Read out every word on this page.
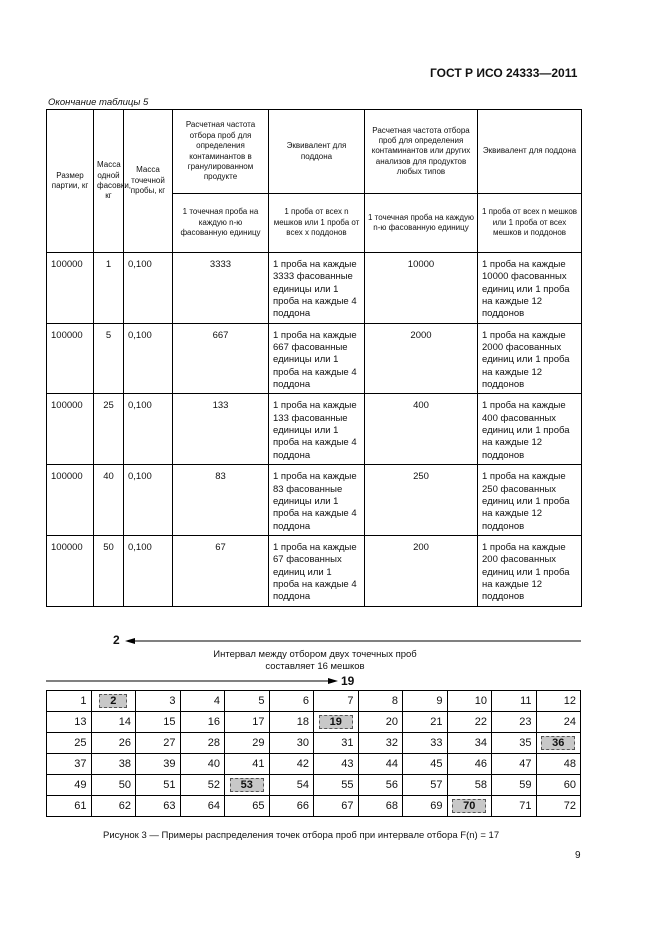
ГОСТ Р ИСО 24333—2011
Окончание таблицы 5
Размер партии, кг	Масса одной фасовки, кг	Масса точечной пробы, кг	Расчетная частота отбора проб для определения контаминантов в гранулированном продукте	Эквивалент для поддона	Расчетная частота отбора проб для определения контаминантов или других анализов для продуктов любых типов	Эквивалент для поддона
			1 точечная проба на каждую n-ю фасованную единицу	1 проба от всех n мешков или 1 проба от всех x поддонов	1 точечная проба на каждую n-ю фасованную единицу	1 проба от всех n мешков или 1 проба от всех мешков и поддонов
100000	1	0,100	3333	1 проба на каждые 3333 фасованные единицы или 1 проба на каждые 4 поддона	10000	1 проба на каждые 10000 фасованных единиц или 1 проба на каждые 12 поддонов
100000	5	0,100	667	1 проба на каждые 667 фасованные единицы или 1 проба на каждые 4 поддона	2000	1 проба на каждые 2000 фасованных единиц или 1 проба на каждые 12 поддонов
100000	25	0,100	133	1 проба на каждые 133 фасованные единицы или 1 проба на каждые 4 поддона	400	1 проба на каждые 400 фасованных единиц или 1 проба на каждые 12 поддонов
100000	40	0,100	83	1 проба на каждые 83 фасованные единицы или 1 проба на каждые 4 поддона	250	1 проба на каждые 250 фасованных единиц или 1 проба на каждые 12 поддонов
100000	50	0,100	67	1 проба на каждые 67 фасованных единиц или 1 проба на каждые 4 поддона	200	1 проба на каждые 200 фасованных единиц или 1 проба на каждые 12 поддонов
2
Интервал между отбором двух точечных проб составляет 16 мешков
19
1	2	3	4	5	6	7	8	9	10	11	12
13	14	15	16	17	18	19	20	21	22	23	24
25	26	27	28	29	30	31	32	33	34	35	36
37	38	39	40	41	42	43	44	45	46	47	48
49	50	51	52	53	54	55	56	57	58	59	60
61	62	63	64	65	66	67	68	69	70	71	72
Рисунок 3 — Примеры распределения точек отбора проб при интервале отбора F(n) = 17
9
